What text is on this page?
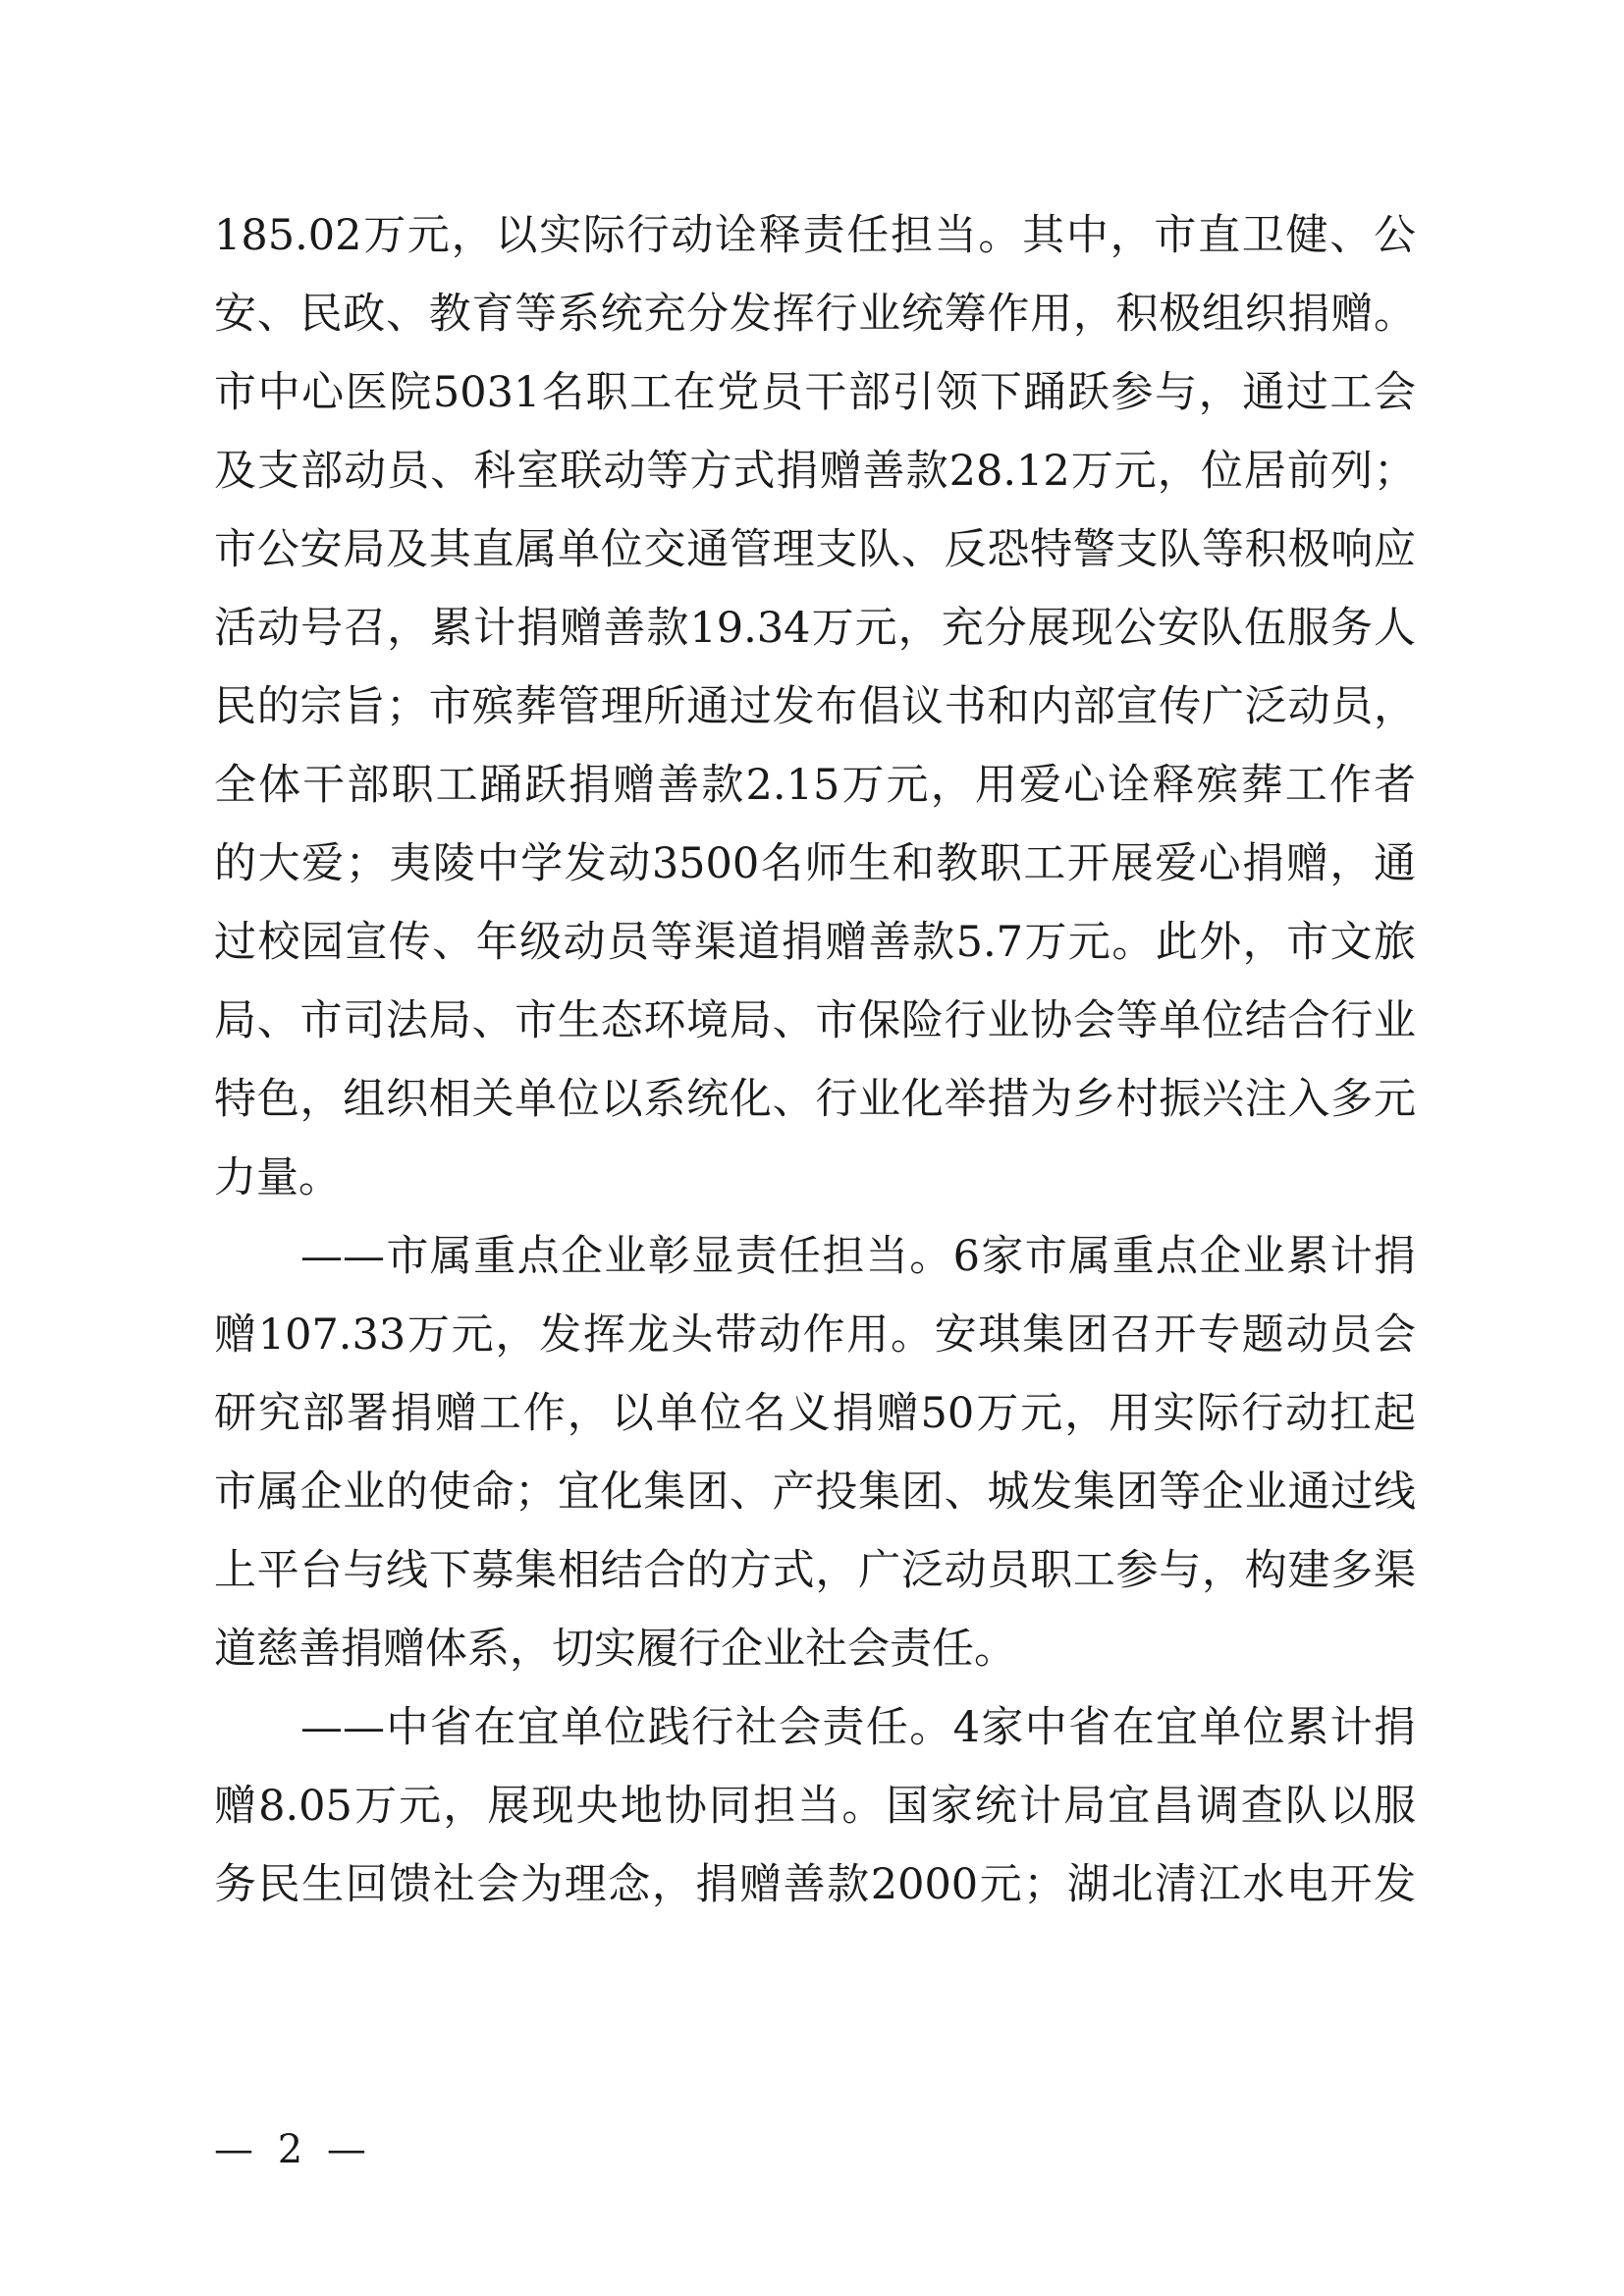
185.02万元，以实际行动诠释责任担当。其中，市直卫健、公
安、民政、教育等系统充分发挥行业统筹作用，积极组织捐赠。
市中心医院5031名职工在党员干部引领下踊跃参与，通过工会
及支部动员、科室联动等方式捐赠善款28.12万元，位居前列；
市公安局及其直属单位交通管理支队、反恐特警支队等积极响应
活动号召，累计捐赠善款19.34万元，充分展现公安队伍服务人
民的宗旨；市殡葬管理所通过发布倡议书和内部宣传广泛动员，
全体干部职工踊跃捐赠善款2.15万元，用爱心诠释殡葬工作者
的大爱；夷陵中学发动3500名师生和教职工开展爱心捐赠，通
过校园宣传、年级动员等渠道捐赠善款5.7万元。此外，市文旅
局、市司法局、市生态环境局、市保险行业协会等单位结合行业
特色，组织相关单位以系统化、行业化举措为乡村振兴注入多元
力量。
——市属重点企业彰显责任担当。6家市属重点企业累计捐
赠107.33万元，发挥龙头带动作用。安琪集团召开专题动员会
研究部署捐赠工作，以单位名义捐赠50万元，用实际行动扛起
市属企业的使命；宜化集团、产投集团、城发集团等企业通过线
上平台与线下募集相结合的方式，广泛动员职工参与，构建多渠
道慈善捐赠体系，切实履行企业社会责任。
——中省在宜单位践行社会责任。4家中省在宜单位累计捐
赠8.05万元，展现央地协同担当。国家统计局宜昌调查队以服
务民生回馈社会为理念，捐赠善款2000元；湖北清江水电开发
— 2 —
